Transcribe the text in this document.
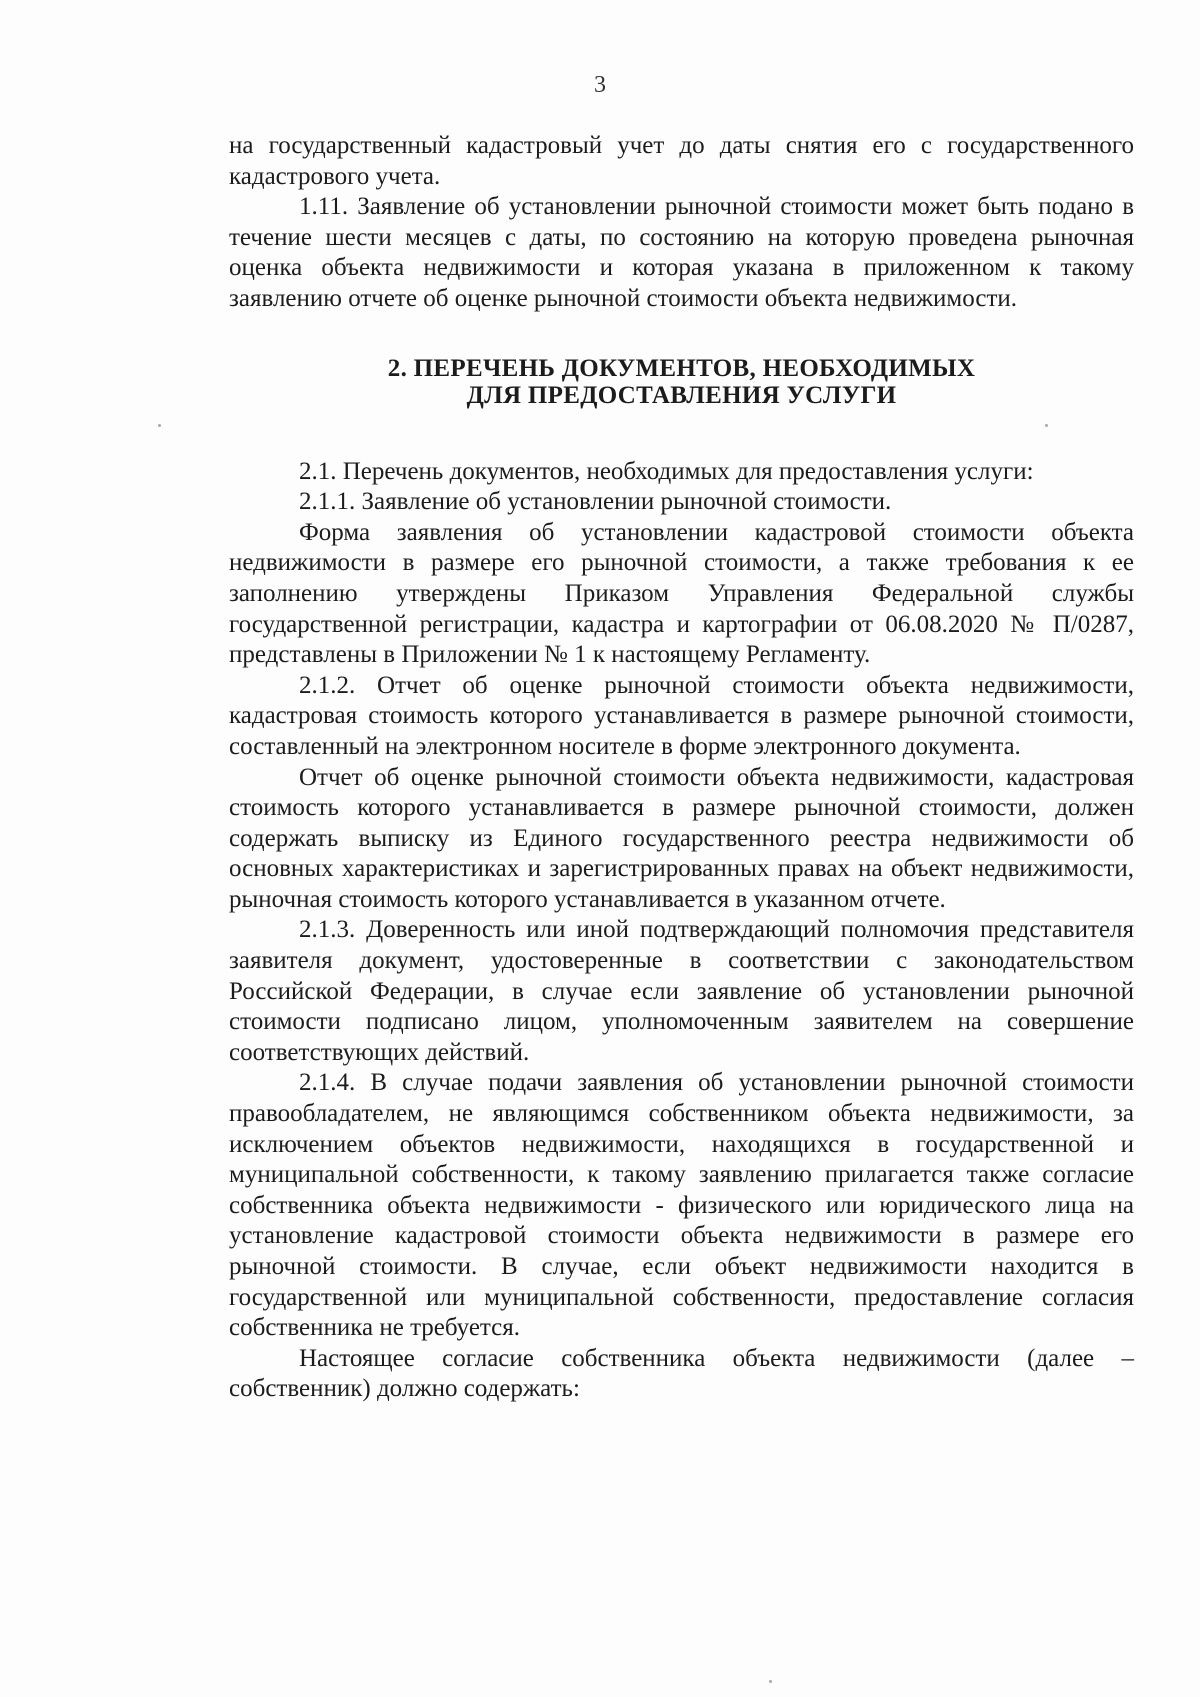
3

на государственный кадастровый учет до даты снятия его с государственного кадастрового учета.

1.11. Заявление об установлении рыночной стоимости может быть подано в течение шести месяцев с даты, по состоянию на которую проведена рыночная оценка объекта недвижимости и которая указана в приложенном к такому заявлению отчете об оценке рыночной стоимости объекта недвижимости.

2. ПЕРЕЧЕНЬ ДОКУМЕНТОВ, НЕОБХОДИМЫХ
ДЛЯ ПРЕДОСТАВЛЕНИЯ УСЛУГИ

2.1. Перечень документов, необходимых для предоставления услуги:

2.1.1. Заявление об установлении рыночной стоимости.

Форма заявления об установлении кадастровой стоимости объекта недвижимости в размере его рыночной стоимости, а также требования к ее заполнению утверждены Приказом Управления Федеральной службы государственной регистрации, кадастра и картографии от 06.08.2020 № П/0287, представлены в Приложении № 1 к настоящему Регламенту.

2.1.2. Отчет об оценке рыночной стоимости объекта недвижимости, кадастровая стоимость которого устанавливается в размере рыночной стоимости, составленный на электронном носителе в форме электронного документа.

Отчет об оценке рыночной стоимости объекта недвижимости, кадастровая стоимость которого устанавливается в размере рыночной стоимости, должен содержать выписку из Единого государственного реестра недвижимости об основных характеристиках и зарегистрированных правах на объект недвижимости, рыночная стоимость которого устанавливается в указанном отчете.

2.1.3. Доверенность или иной подтверждающий полномочия представителя заявителя документ, удостоверенные в соответствии с законодательством Российской Федерации, в случае если заявление об установлении рыночной стоимости подписано лицом, уполномоченным заявителем на совершение соответствующих действий.

2.1.4. В случае подачи заявления об установлении рыночной стоимости правообладателем, не являющимся собственником объекта недвижимости, за исключением объектов недвижимости, находящихся в государственной и муниципальной собственности, к такому заявлению прилагается также согласие собственника объекта недвижимости - физического или юридического лица на установление кадастровой стоимости объекта недвижимости в размере его рыночной стоимости. В случае, если объект недвижимости находится в государственной или муниципальной собственности, предоставление согласия собственника не требуется.

Настоящее согласие собственника объекта недвижимости (далее – собственник) должно содержать:
